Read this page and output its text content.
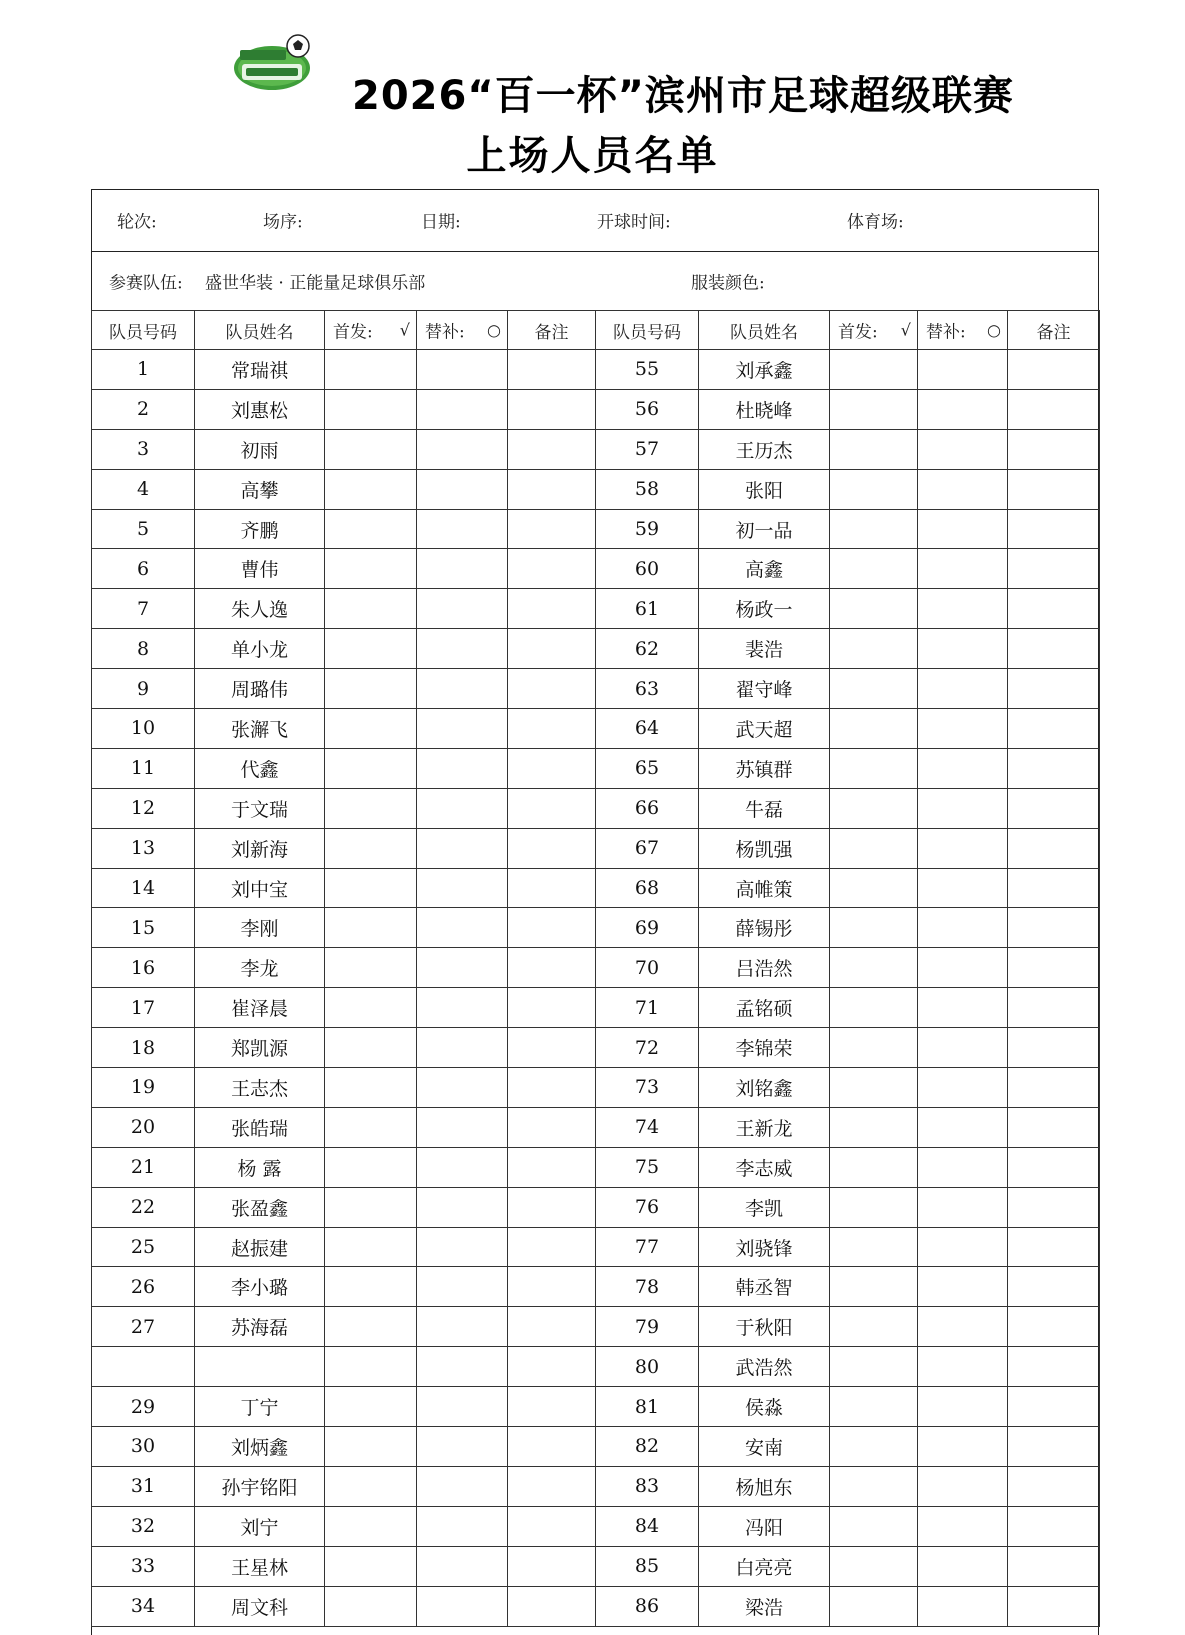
2026“百一杯”滨州市足球超级联赛
上场人员名单
轮次:	场序:	日期:	开球时间:	体育场:
参赛队伍: 盛世华装 · 正能量足球俱乐部	服装颜色:
队员号码	队员姓名	首发: √	替补: ○	备注	队员号码	队员姓名	首发: √	替补: ○	备注
1	常瑞祺				55	刘承鑫			
2	刘惠松				56	杜晓峰			
3	初雨				57	王历杰			
4	高攀				58	张阳			
5	齐鹏				59	初一品			
6	曹伟				60	高鑫			
7	朱人逸				61	杨政一			
8	单小龙				62	裴浩			
9	周璐伟				63	翟守峰			
10	张澥飞				64	武天超			
11	代鑫				65	苏镇群			
12	于文瑞				66	牛磊			
13	刘新海				67	杨凯强			
14	刘中宝				68	高帷策			
15	李刚				69	薛锡彤			
16	李龙				70	吕浩然			
17	崔泽晨				71	孟铭硕			
18	郑凯源				72	李锦荣			
19	王志杰				73	刘铭鑫			
20	张皓瑞				74	王新龙			
21	杨 露				75	李志威			
22	张盈鑫				76	李凯			
25	赵振建				77	刘骁锋			
26	李小璐				78	韩丞智			
27	苏海磊				79	于秋阳			
					80	武浩然			
29	丁宁				81	侯淼			
30	刘炳鑫				82	安南			
31	孙宇铭阳				83	杨旭东			
32	刘宁				84	冯阳			
33	王星林				85	白亮亮			
34	周文科				86	梁浩			
